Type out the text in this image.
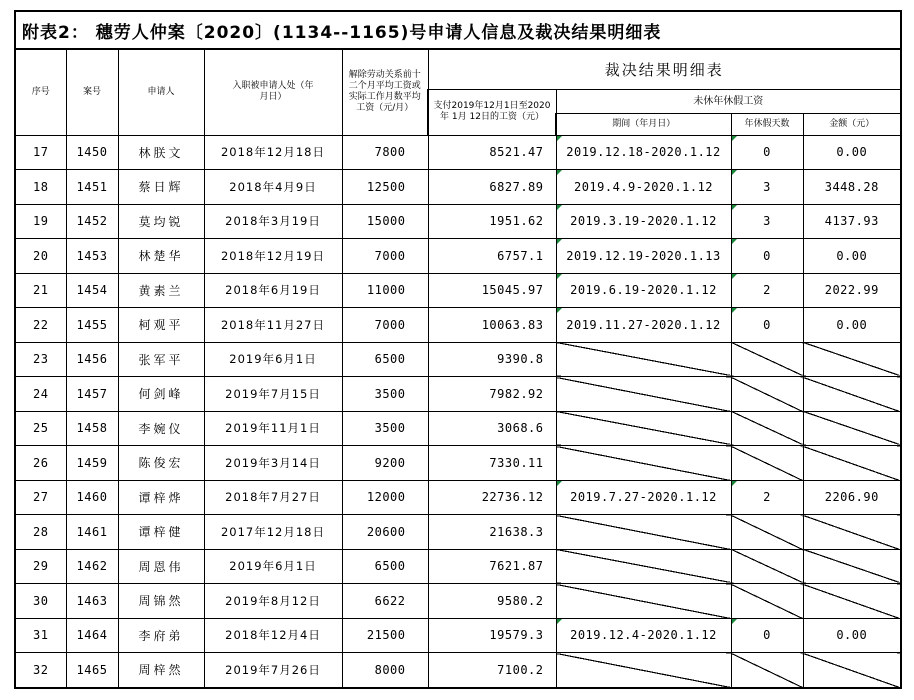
附表2： 穗劳人仲案〔2020〕(1134--1165)号申请人信息及裁决结果明细表								
序号	案号	申请人	入职被申请人处（年月日）	解除劳动关系前十二个月平均工资或实际工作月数平均工资（元/月）	裁决结果明细表			
					支付2019年12月1日至2020年 1月 12日的工资（元）	未休年休假工资		
						期间（年月日）	年休假天数	金额（元）
17	1450	林朕文	2018年12月18日	7800	8521.47	2019.12.18-2020.1.12	0	0.00
18	1451	蔡日辉	2018年4月9日	12500	6827.89	2019.4.9-2020.1.12	3	3448.28
19	1452	莫均锐	2018年3月19日	15000	1951.62	2019.3.19-2020.1.12	3	4137.93
20	1453	林楚华	2018年12月19日	7000	6757.1	2019.12.19-2020.1.13	0	0.00
21	1454	黄素兰	2018年6月19日	11000	15045.97	2019.6.19-2020.1.12	2	2022.99
22	1455	柯观平	2018年11月27日	7000	10063.83	2019.11.27-2020.1.12	0	0.00
23	1456	张军平	2019年6月1日	6500	9390.8			
24	1457	何剑峰	2019年7月15日	3500	7982.92			
25	1458	李婉仪	2019年11月1日	3500	3068.6			
26	1459	陈俊宏	2019年3月14日	9200	7330.11			
27	1460	谭梓烨	2018年7月27日	12000	22736.12	2019.7.27-2020.1.12	2	2206.90
28	1461	谭梓健	2017年12月18日	20600	21638.3			
29	1462	周恩伟	2019年6月1日	6500	7621.87			
30	1463	周锦然	2019年8月12日	6622	9580.2			
31	1464	李府弟	2018年12月4日	21500	19579.3	2019.12.4-2020.1.12	0	0.00
32	1465	周梓然	2019年7月26日	8000	7100.2			
